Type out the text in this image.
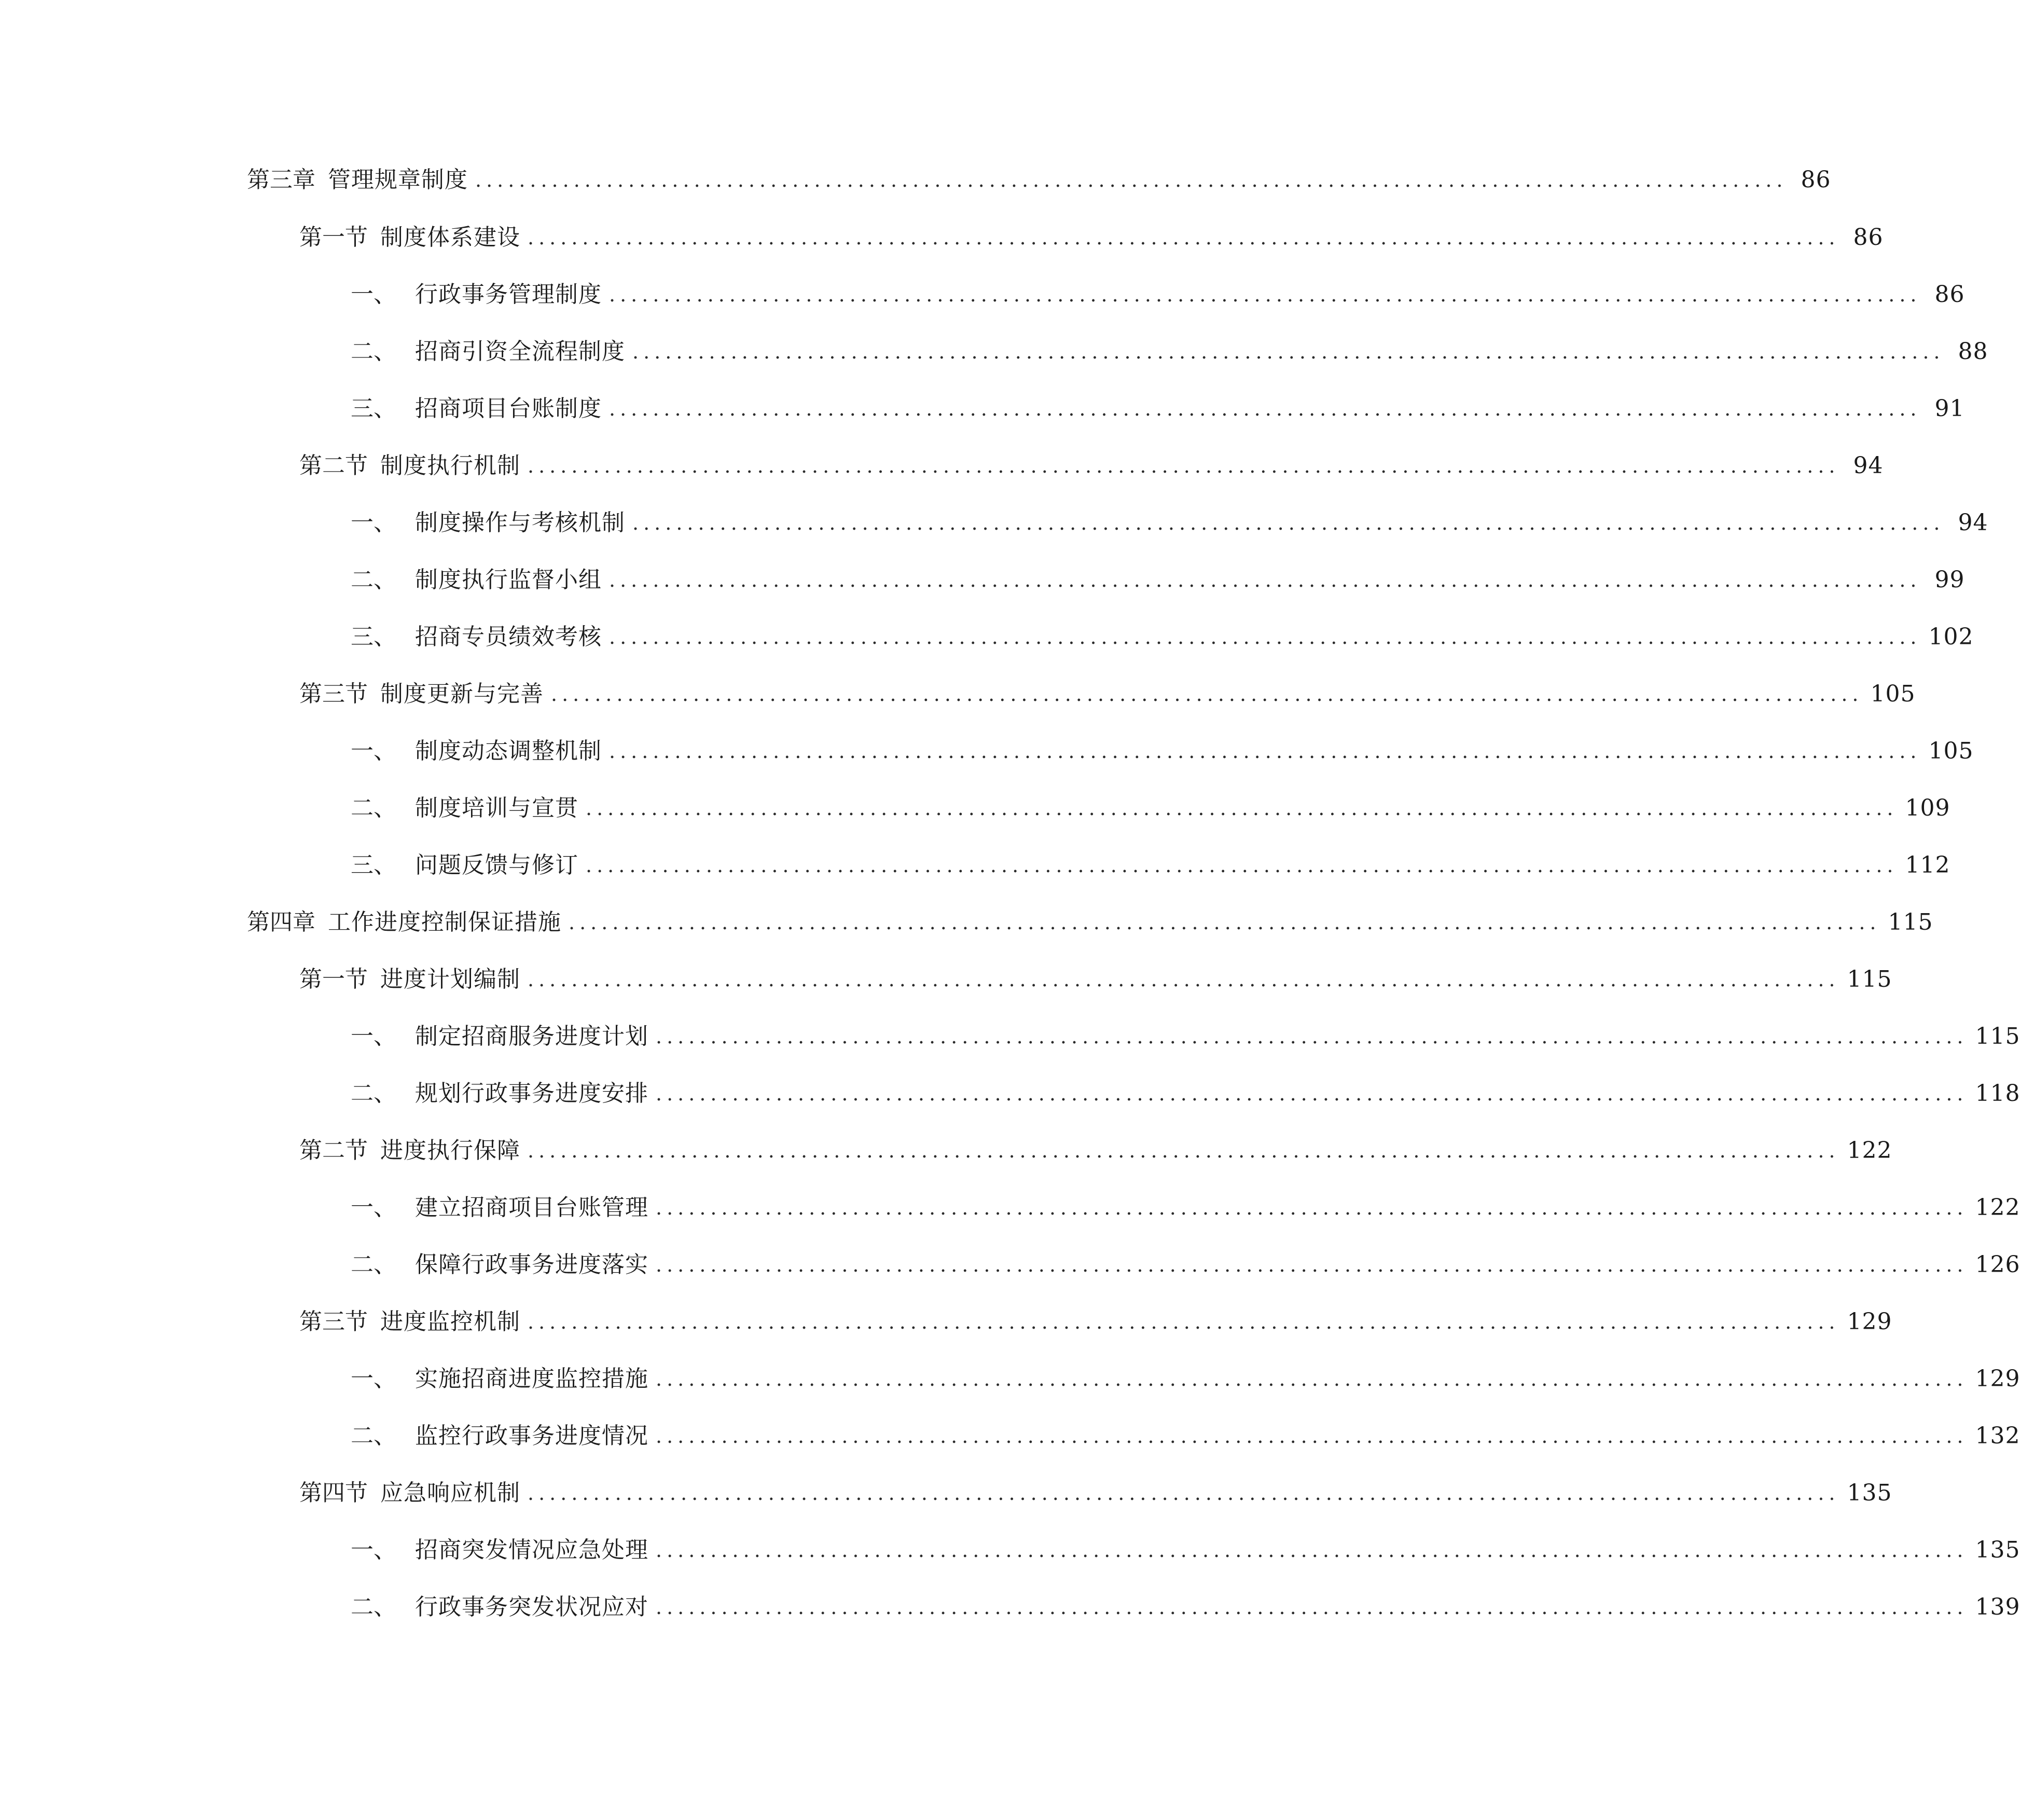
第三章 管理规章制度 ........................................................................................................................ 86
第一节 制度体系建设 ........................................................................................................................ 86
一、 行政事务管理制度 ........................................................................................................................ 86
二、 招商引资全流程制度 ........................................................................................................................ 88
三、 招商项目台账制度 ........................................................................................................................ 91
第二节 制度执行机制 ........................................................................................................................ 94
一、 制度操作与考核机制 ........................................................................................................................ 94
二、 制度执行监督小组 ........................................................................................................................ 99
三、 招商专员绩效考核 ........................................................................................................................ 102
第三节 制度更新与完善 ........................................................................................................................ 105
一、 制度动态调整机制 ........................................................................................................................ 105
二、 制度培训与宣贯 ........................................................................................................................ 109
三、 问题反馈与修订 ........................................................................................................................ 112
第四章 工作进度控制保证措施 ........................................................................................................................ 115
第一节 进度计划编制 ........................................................................................................................ 115
一、 制定招商服务进度计划 ........................................................................................................................ 115
二、 规划行政事务进度安排 ........................................................................................................................ 118
第二节 进度执行保障 ........................................................................................................................ 122
一、 建立招商项目台账管理 ........................................................................................................................ 122
二、 保障行政事务进度落实 ........................................................................................................................ 126
第三节 进度监控机制 ........................................................................................................................ 129
一、 实施招商进度监控措施 ........................................................................................................................ 129
二、 监控行政事务进度情况 ........................................................................................................................ 132
第四节 应急响应机制 ........................................................................................................................ 135
一、 招商突发情况应急处理 ........................................................................................................................ 135
二、 行政事务突发状况应对 ........................................................................................................................ 139
